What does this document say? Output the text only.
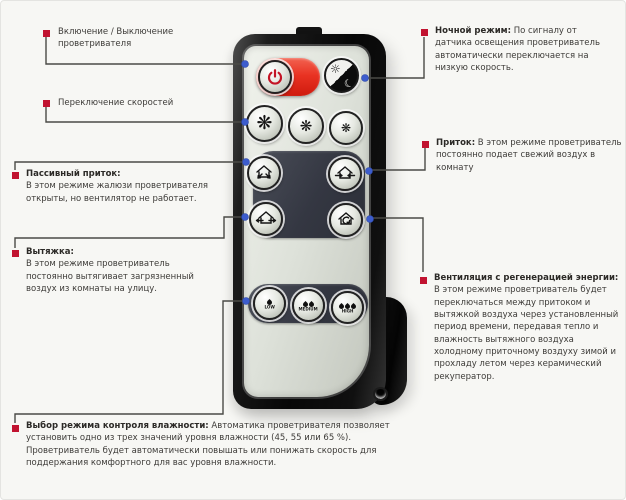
☼
☾
❋ ❋ ❋
LOW	MEDIUM	HIGH
Включение / Выключение проветривателя
Переключение скоростей
Пассивный приток:
В этом режиме жалюзи проветривателя открыты, но вентилятор не работает.
Вытяжка:
В этом режиме проветриватель постоянно вытягивает загрязненный воздух из комнаты на улицу.
Выбор режима контроля влажности: Автоматика проветривателя позволяет установить одно из трех значений уровня влажности (45, 55 или 65 %). Проветриватель будет автоматически повышать или понижать скорость для поддержания комфортного для вас уровня влажности.
Ночной режим: По сигналу от датчика освещения проветриватель автоматически переключается на низкую скорость.
Приток: В этом режиме проветриватель постоянно подает свежий воздух в комнату
Вентиляция с регенерацией энергии:
В этом режиме проветриватель будет переключаться между притоком и вытяжкой воздуха через установленный период времени, передавая тепло и влажность вытяжного воздуха холодному приточному воздуху зимой и прохладу летом через керамический рекуператор.
